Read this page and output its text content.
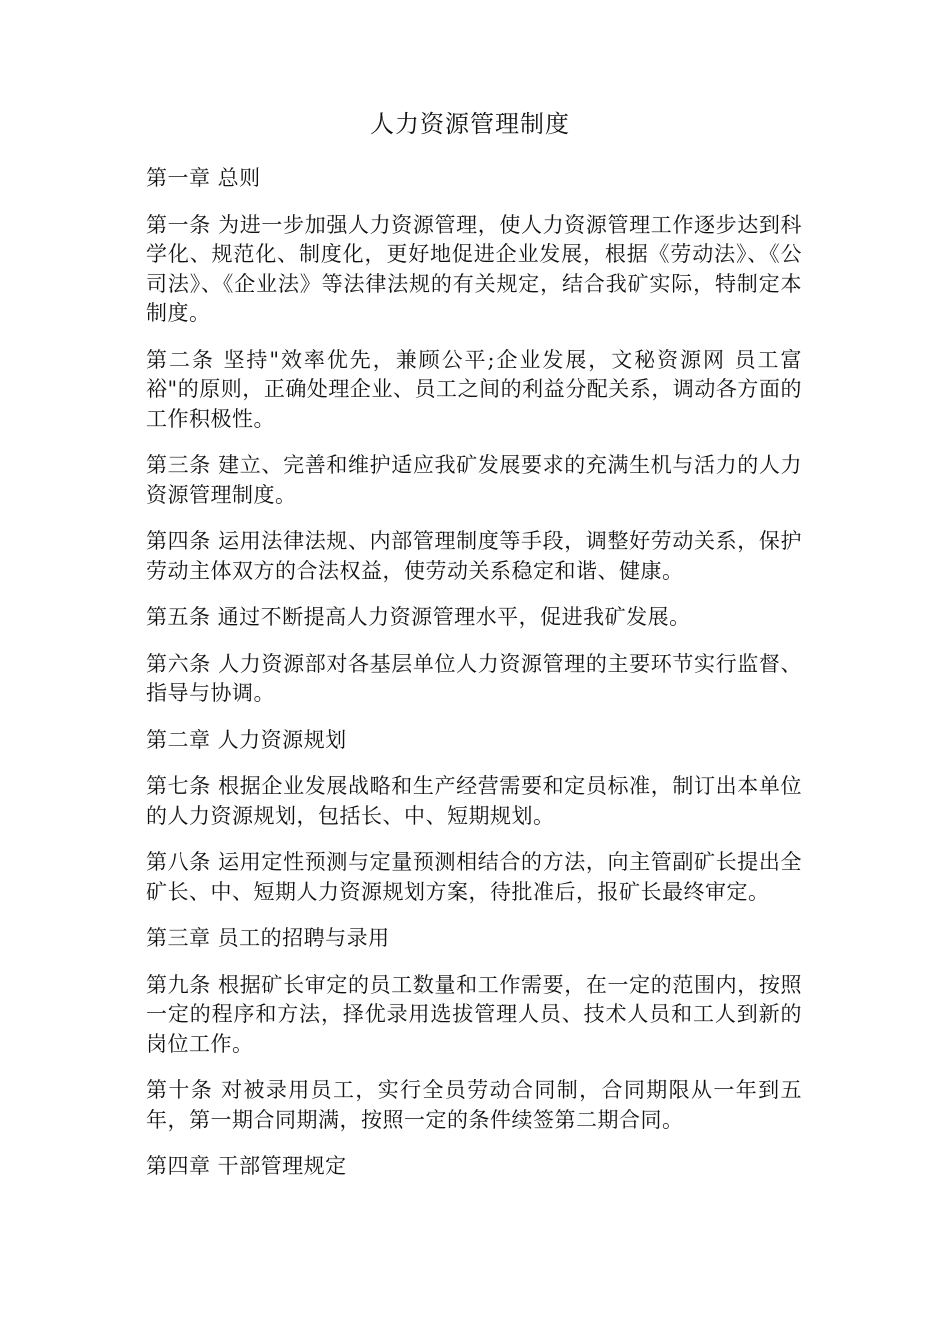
人力资源管理制度

第一章 总则

第一条 为进一步加强人力资源管理，使人力资源管理工作逐步达到科学化、规范化、制度化，更好地促进企业发展，根据《劳动法》、《公司法》、《企业法》等法律法规的有关规定，结合我矿实际，特制定本制度。

第二条 坚持"效率优先，兼顾公平;企业发展，文秘资源网 员工富裕"的原则，正确处理企业、员工之间的利益分配关系，调动各方面的工作积极性。

第三条 建立、完善和维护适应我矿发展要求的充满生机与活力的人力资源管理制度。

第四条 运用法律法规、内部管理制度等手段，调整好劳动关系，保护劳动主体双方的合法权益，使劳动关系稳定和谐、健康。

第五条 通过不断提高人力资源管理水平，促进我矿发展。

第六条 人力资源部对各基层单位人力资源管理的主要环节实行监督、指导与协调。

第二章 人力资源规划

第七条 根据企业发展战略和生产经营需要和定员标准，制订出本单位的人力资源规划，包括长、中、短期规划。

第八条 运用定性预测与定量预测相结合的方法，向主管副矿长提出全矿长、中、短期人力资源规划方案，待批准后，报矿长最终审定。

第三章 员工的招聘与录用

第九条 根据矿长审定的员工数量和工作需要，在一定的范围内，按照一定的程序和方法，择优录用选拔管理人员、技术人员和工人到新的岗位工作。

第十条 对被录用员工，实行全员劳动合同制，合同期限从一年到五年，第一期合同期满，按照一定的条件续签第二期合同。

第四章 干部管理规定
